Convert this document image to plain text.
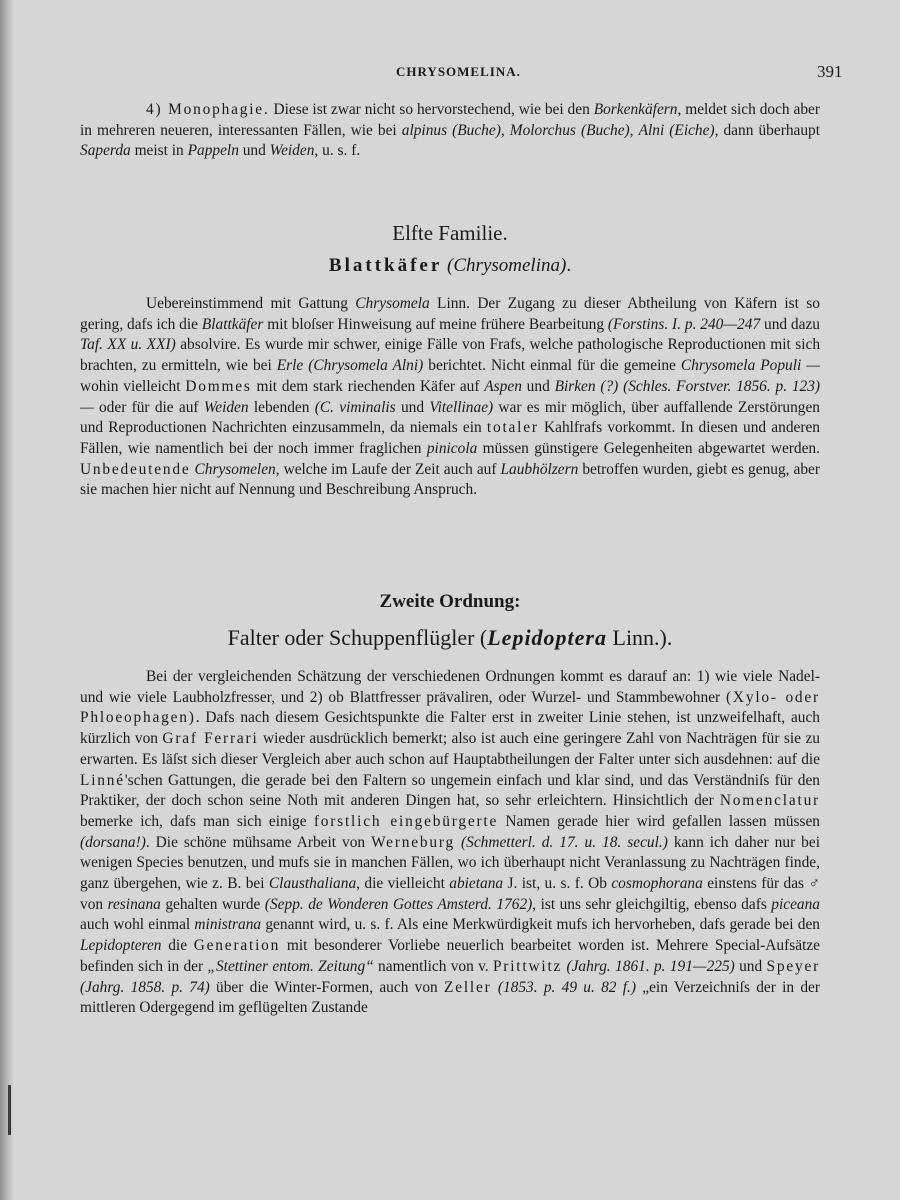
CHRYSOMELINA.	391

4) Monophagie. Diese ist zwar nicht so hervorstechend, wie bei den Borkenkäfern, meldet sich doch aber in mehreren neueren, interessanten Fällen, wie bei alpinus (Buche), Molorchus (Buche), Alni (Eiche), dann überhaupt Saperda meist in Pappeln und Weiden, u. s. f.

Elfte Familie.
Blattkäfer (Chrysomelina).

Uebereinstimmend mit Gattung Chrysomela Linn. Der Zugang zu dieser Abtheilung von Käfern ist so gering, dafs ich die Blattkäfer mit bloſser Hinweisung auf meine frühere Bearbeitung (Forstins. I. p. 240—247 und dazu Taf. XX u. XXI) absolvire. Es wurde mir schwer, einige Fälle von Frafs, welche pathologische Reproductionen mit sich brachten, zu ermitteln, wie bei Erle (Chrysomela Alni) berichtet. Nicht einmal für die gemeine Chrysomela Populi — wohin vielleicht Dommes mit dem stark riechenden Käfer auf Aspen und Birken (?) (Schles. Forstver. 1856. p. 123) — oder für die auf Weiden lebenden (C. viminalis und Vitellinae) war es mir möglich, über auffallende Zerstörungen und Reproductionen Nachrichten einzusammeln, da niemals ein totaler Kahlfrafs vorkommt. In diesen und anderen Fällen, wie namentlich bei der noch immer fraglichen pinicola müssen günstigere Gelegenheiten abgewartet werden. Unbedeutende Chrysomelen, welche im Laufe der Zeit auch auf Laubhölzern betroffen wurden, giebt es genug, aber sie machen hier nicht auf Nennung und Beschreibung Anspruch.

Zweite Ordnung:
Falter oder Schuppenflügler (Lepidoptera Linn.).

Bei der vergleichenden Schätzung der verschiedenen Ordnungen kommt es darauf an: 1) wie viele Nadel- und wie viele Laubholzfresser, und 2) ob Blattfresser prävaliren, oder Wurzel- und Stammbewohner (Xylo- oder Phloeophagen). Dafs nach diesem Gesichtspunkte die Falter erst in zweiter Linie stehen, ist unzweifelhaft, auch kürzlich von Graf Ferrari wieder ausdrücklich bemerkt; also ist auch eine geringere Zahl von Nachträgen für sie zu erwarten. Es läſst sich dieser Vergleich aber auch schon auf Hauptabtheilungen der Falter unter sich ausdehnen: auf die Linné'schen Gattungen, die gerade bei den Faltern so ungemein einfach und klar sind, und das Verständniſs für den Praktiker, der doch schon seine Noth mit anderen Dingen hat, so sehr erleichtern. Hinsichtlich der Nomenclatur bemerke ich, dafs man sich einige forstlich eingebürgerte Namen gerade hier wird gefallen lassen müssen (dorsana!). Die schöne mühsame Arbeit von Werneburg (Schmetterl. d. 17. u. 18. secul.) kann ich daher nur bei wenigen Species benutzen, und mufs sie in manchen Fällen, wo ich überhaupt nicht Veranlassung zu Nachträgen finde, ganz übergehen, wie z. B. bei Clausthaliana, die vielleicht abietana J. ist, u. s. f. Ob cosmophorana einstens für das ♂ von resinana gehalten wurde (Sepp. de Wonderen Gottes Amsterd. 1762), ist uns sehr gleichgiltig, ebenso dafs piceana auch wohl einmal ministrana genannt wird, u. s. f. Als eine Merkwürdigkeit mufs ich hervorheben, dafs gerade bei den Lepidopteren die Generation mit besonderer Vorliebe neuerlich bearbeitet worden ist. Mehrere Special-Aufsätze befinden sich in der „Stettiner entom. Zeitung“ namentlich von v. Prittwitz (Jahrg. 1861. p. 191—225) und Speyer (Jahrg. 1858. p. 74) über die Winter-Formen, auch von Zeller (1853. p. 49 u. 82 f.) „ein Verzeichniſs der in der mittleren Odergegend im geflügelten Zustande
